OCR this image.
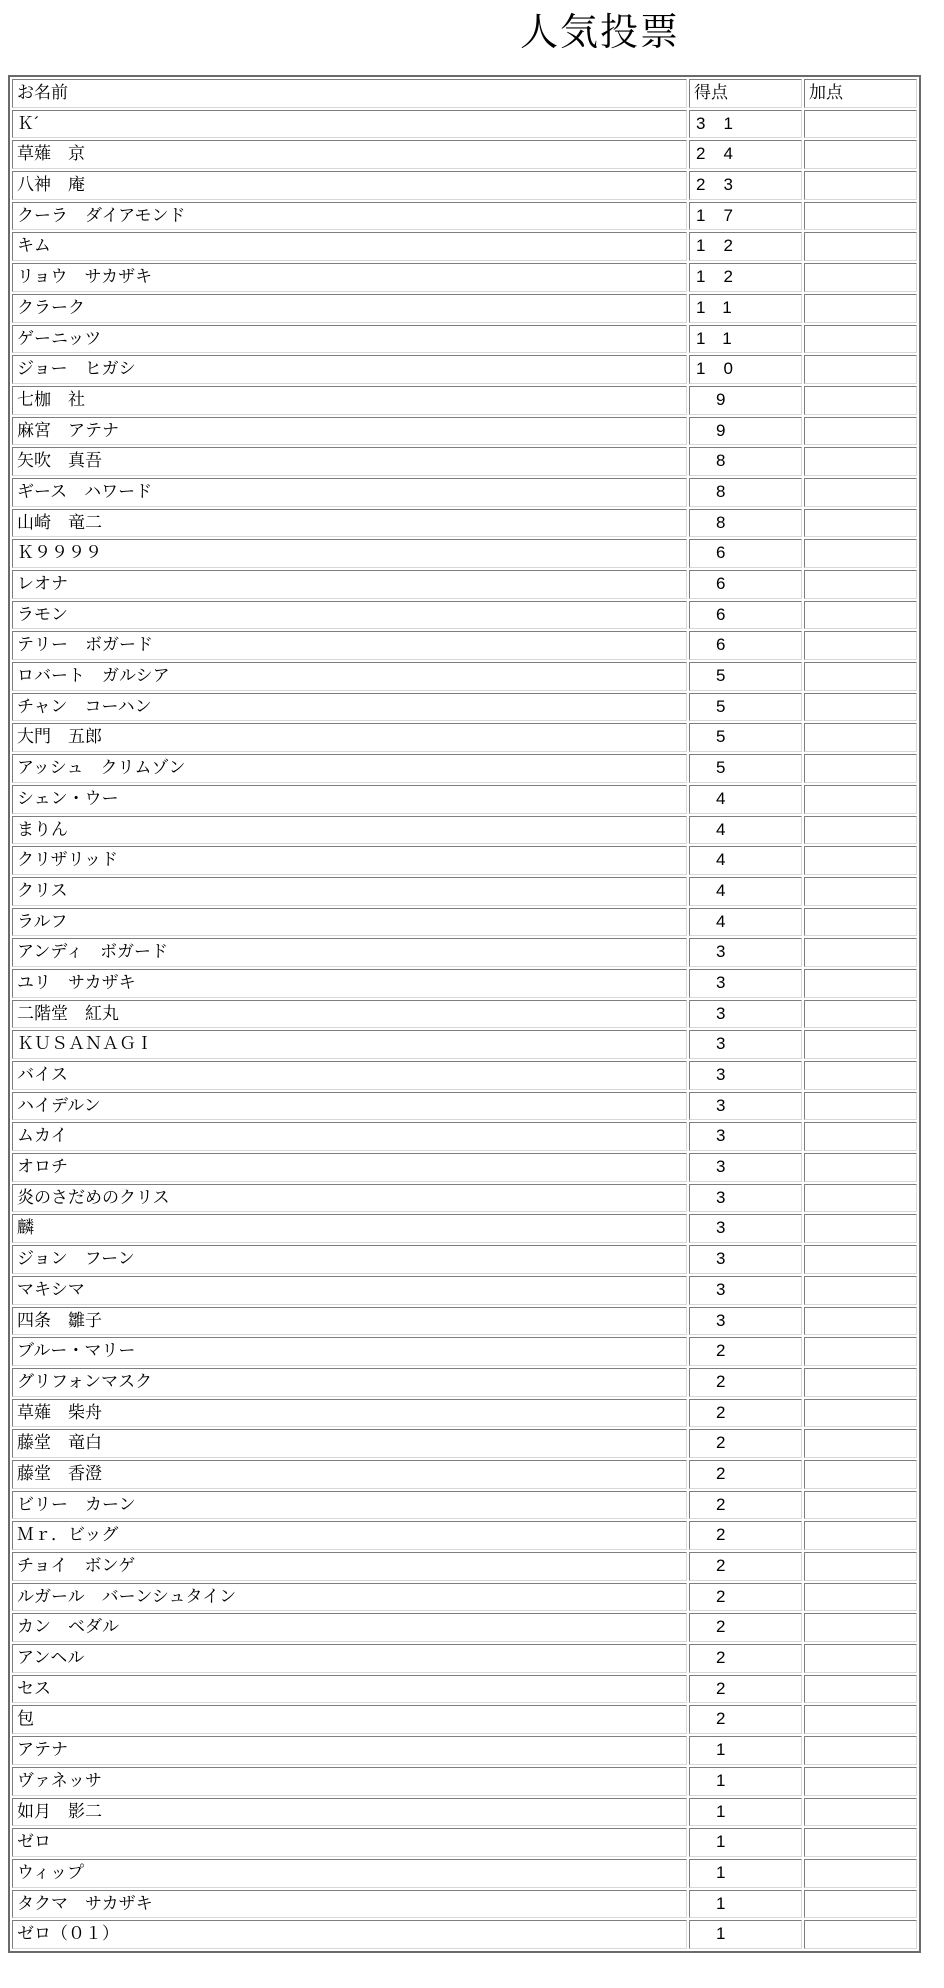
人気投票
お名前	得点	加点
Ｋ´	31	
草薙　京	24	
八神　庵	23	
クーラ　ダイアモンド	17	
キム	12	
リョウ　サカザキ	12	
クラーク	11	
ゲーニッツ	11	
ジョー　ヒガシ	10	
七枷　社	9	
麻宮　アテナ	9	
矢吹　真吾	8	
ギース　ハワード	8	
山崎　竜二	8	
Ｋ９９９９	6	
レオナ	6	
ラモン	6	
テリー　ボガード	6	
ロバート　ガルシア	5	
チャン　コーハン	5	
大門　五郎	5	
アッシュ　クリムゾン	5	
シェン・ウー	4	
まりん	4	
クリザリッド	4	
クリス	4	
ラルフ	4	
アンディ　ボガード	3	
ユリ　サカザキ	3	
二階堂　紅丸	3	
ＫＵＳＡＮＡＧＩ	3	
バイス	3	
ハイデルン	3	
ムカイ	3	
オロチ	3	
炎のさだめのクリス	3	
麟	3	
ジョン　フーン	3	
マキシマ	3	
四条　雛子	3	
ブルー・マリー	2	
グリフォンマスク	2	
草薙　柴舟	2	
藤堂　竜白	2	
藤堂　香澄	2	
ビリー　カーン	2	
Ｍｒ．ビッグ	2	
チョイ　ボンゲ	2	
ルガール　バーンシュタイン	2	
カン　ベダル	2	
アンヘル	2	
セス	2	
包	2	
アテナ	1	
ヴァネッサ	1	
如月　影二	1	
ゼロ	1	
ウィップ	1	
タクマ　サカザキ	1	
ゼロ（０１）	1	
